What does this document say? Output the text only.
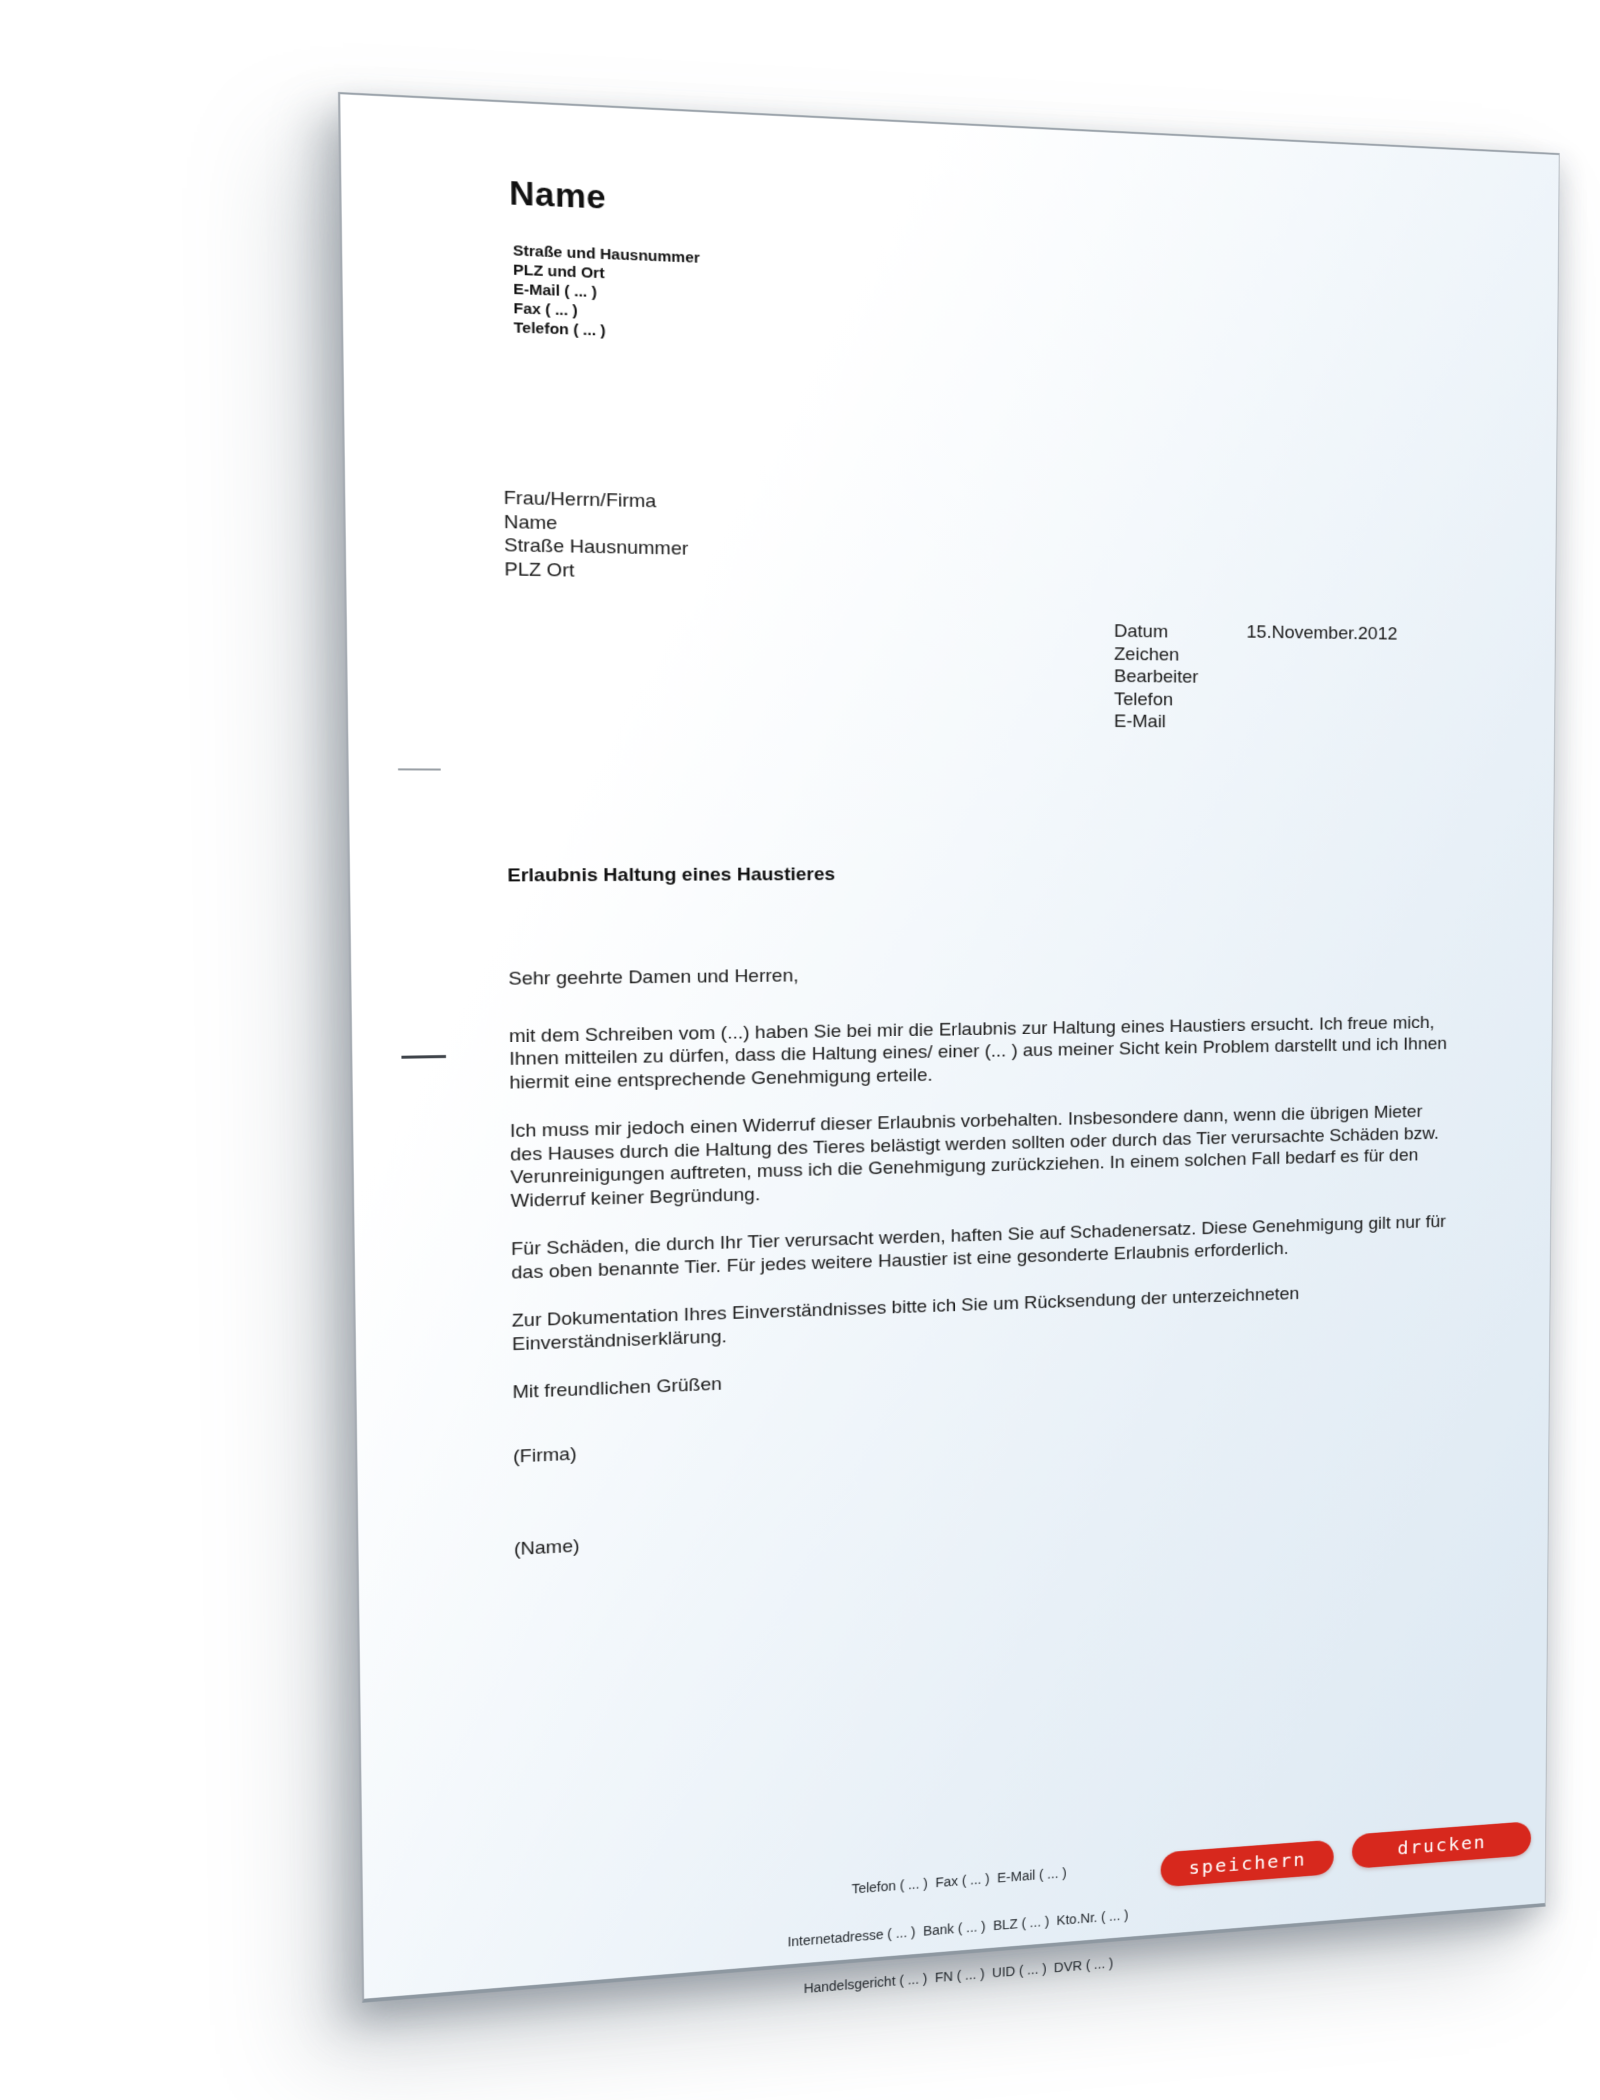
Name
Straße und Hausnummer
PLZ und Ort
E-Mail ( ... )
Fax ( ... )
Telefon ( ... )
Frau/Herrn/Firma
Name
Straße Hausnummer
PLZ Ort
Datum
Zeichen
Bearbeiter
Telefon
E-Mail
15.November.2012
Erlaubnis Haltung eines Haustieres
Sehr geehrte Damen und Herren,

mit dem Schreiben vom (...) haben Sie bei mir die Erlaubnis zur Haltung eines Haustiers ersucht. Ich freue mich, Ihnen mitteilen zu dürfen, dass die Haltung eines/ einer (... ) aus meiner Sicht kein Problem darstellt und ich Ihnen hiermit eine entsprechende Genehmigung erteile.

Ich muss mir jedoch einen Widerruf dieser Erlaubnis vorbehalten. Insbesondere dann, wenn die übrigen Mieter des Hauses durch die Haltung des Tieres belästigt werden sollten oder durch das Tier verursachte Schäden bzw. Verunreinigungen auftreten, muss ich die Genehmigung zurückziehen. In einem solchen Fall bedarf es für den Widerruf keiner Begründung.

Für Schäden, die durch Ihr Tier verursacht werden, haften Sie auf Schadenersatz. Diese Genehmigung gilt nur für das oben benannte Tier. Für jedes weitere Haustier ist eine gesonderte Erlaubnis erforderlich.

Zur Dokumentation Ihres Einverständnisses bitte ich Sie um Rücksendung der unterzeichneten Einverständniserklärung.

Mit freundlichen Grüßen
(Firma)
(Name)

Telefon ( ... )  Fax ( ... )  E-Mail ( ... )

Internetadresse ( ... )  Bank ( ... )  BLZ ( ... )  Kto.Nr. ( ... )

Handelsgericht ( ... )  FN ( ... )  UID ( ... )  DVR ( ... )

speichern
drucken
